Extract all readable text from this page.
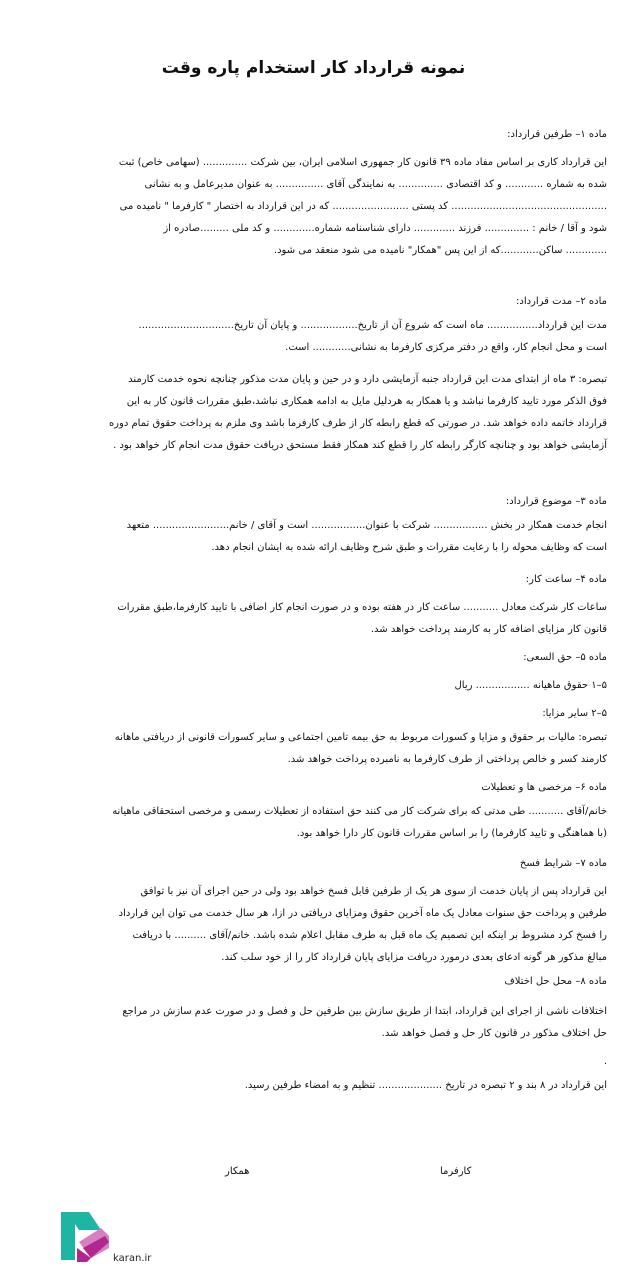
نمونه قرارداد کار استخدام پاره وقت
ماده ۱– طرفین قرارداد:
این قرارداد کاری بر اساس مفاد ماده ۳۹ قانون کار جمهوری اسلامی ایران، بین شرکت .............. (سهامی خاص) ثبت
شده به شماره ............ و کد اقتصادی .............. به نمایندگی آقای ............... به عنوان مدیرعامل و به نشانی
................................................. کد پستی ........................ که در این قرارداد به اختصار " کارفرما " نامیده می
شود و آقا / خانم : .............. فرزند ............. دارای شناسنامه شماره............. و کد ملی .........صادره از
............. ساکن............که از این پس "همکار" نامیده می شود منعقد می شود.
ماده ۲– مدت قرارداد:
مدت این قرارداد................ ماه است که شروع آن از تاریخ.................. و پایان آن تاریخ..............................
است و محل انجام کار، واقع در دفتر مرکزی کارفرما به نشانی............ است.
تبصره: ۳ ماه از ابتدای مدت این قرارداد جنبه آزمایشی دارد و در حین و پایان مدت مذکور چنانچه نحوه خدمت کارمند
فوق الذکر مورد تایید کارفرما نباشد و یا همکار به هردلیل مایل به ادامه همکاری نباشد،طبق مقررات قانون کار به این
قرارداد خاتمه داده خواهد شد. در صورتی که قطع رابطه کار از طرف کارفرما باشد وی ملزم به پرداخت حقوق تمام دوره
آزمایشی خواهد بود و چنانچه کارگر رابطه کار را قطع کند همکار فقط مستحق دریافت حقوق مدت انجام کار خواهد بود .
ماده ۳– موضوع قرارداد:
انجام خدمت همکار در بخش ................. شرکت با عنوان................. است و آقای / خانم........................ متعهد
است که وظایف محوله را با رعایت مقررات و طبق شرح وظایف ارائه شده به ایشان انجام دهد.
ماده ۴– ساعت کار:
ساعات کار شرکت معادل ........... ساعت کار در هفته بوده و در صورت انجام کار اضافی با تایید کارفرما،طبق مقررات
قانون کار مزایای اضافه کار به کارمند پرداخت خواهد شد.
ماده ۵– حق السعی:
۵–۱ حقوق ماهیانه ................. ریال
۵–۲ سایر مزایا:
تبصره: مالیات بر حقوق و مزایا و کسورات مربوط به حق بیمه تامین اجتماعی و سایر کسورات قانونی از دریافتی ماهانه
کارمند کسر و خالص پرداختی از طرف کارفرما به نامبرده پرداخت خواهد شد.
ماده ۶– مرخصی ها و تعطیلات
خانم/آقای ........... طی مدتی که برای شرکت کار می کنند حق استفاده از تعطیلات رسمی و مرخصی استحقاقی ماهیانه
(با هماهنگی و تایید کارفرما) را بر اساس مقررات قانون کار دارا خواهد بود.
ماده ۷– شرایط فسخ
این قرارداد پس از پایان خدمت از سوی هر یک از طرفین قابل فسخ خواهد بود ولی در حین اجرای آن نیز با توافق
طرفین و پرداخت حق سنوات معادل یک ماه آخرین حقوق ومزایای دریافتی در ازا، هر سال خدمت می توان این قرارداد
را فسخ کرد مشروط بر اینکه این تصمیم یک ماه قبل به طرف مقابل اعلام شده باشد. خانم/آقای .......... با دریافت
مبالغ مذکور هر گونه ادعای بعدی درمورد دریافت مزایای پایان قرارداد کار را از خود سلب کند.
ماده ۸– محل حل اختلاف
اختلافات ناشی از اجرای این قرارداد، ابتدا از طریق سازش بین طرفین حل و فصل و در صورت عدم سازش در مراجع
حل اختلاف مذکور در قانون کار حل و فصل خواهد شد.
.
این قرارداد در ۸ بند و ۲ تبصره در تاریخ .................... تنظیم و به امضاء طرفین رسید.
کارفرما
همکار
karan.ir
